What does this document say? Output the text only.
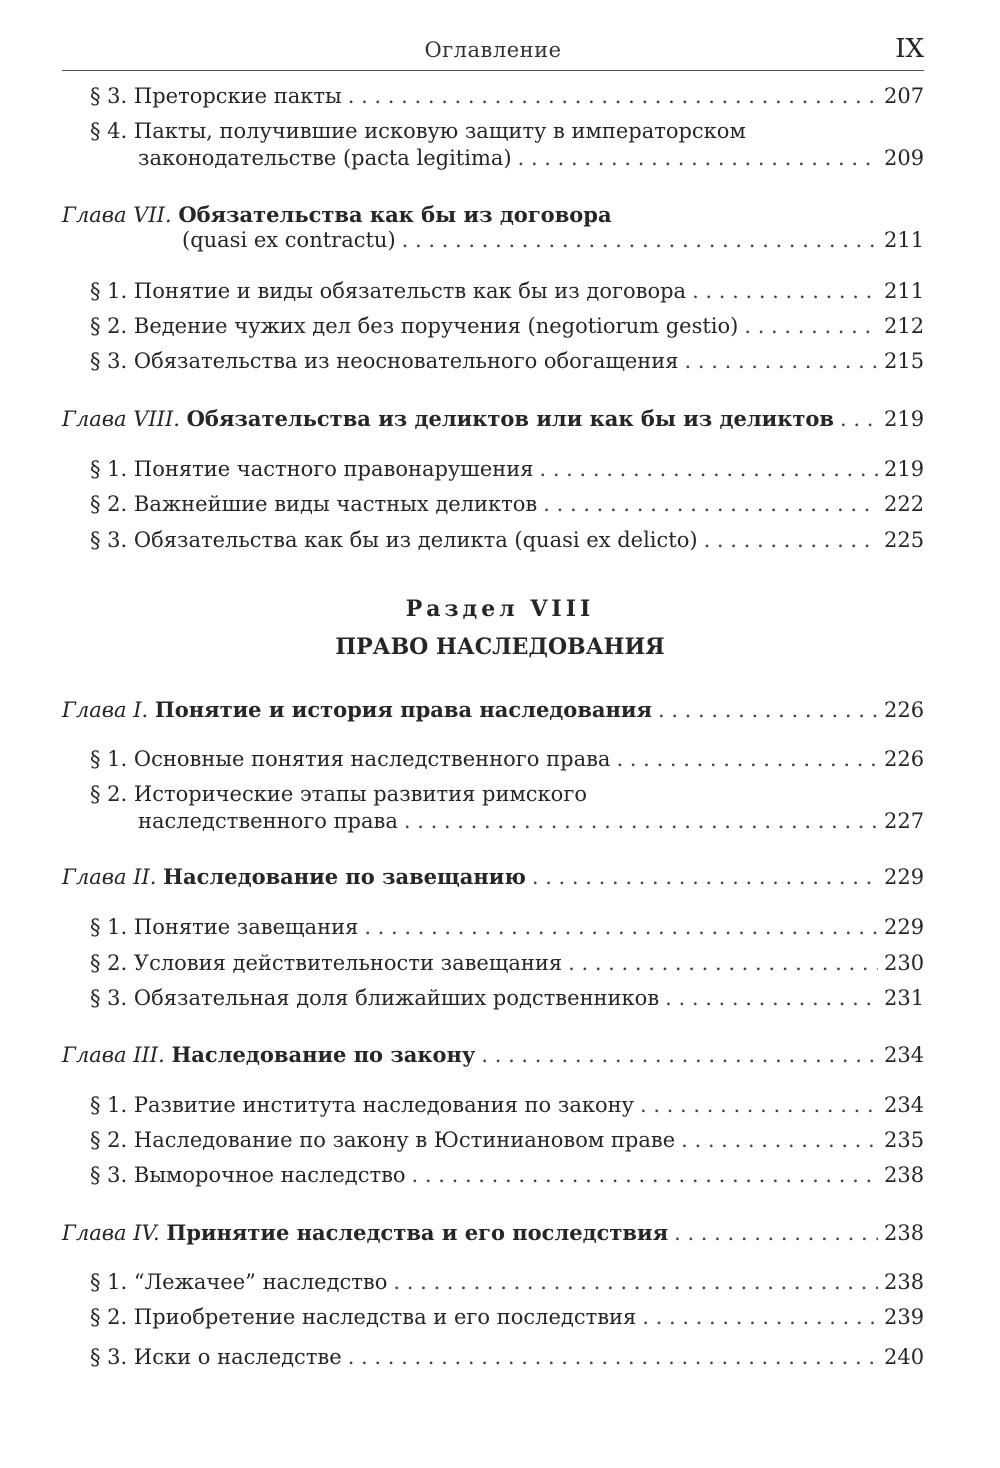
Оглавление	IX
§ 3. Преторские пакты . . .	207
§ 4. Пакты, получившие исковую защиту в императорском
законодательстве (pacta legitima) . . .	209
Глава VII. Обязательства как бы из договора
(quasi ex contractu) . . .	211
§ 1. Понятие и виды обязательств как бы из договора . . .	211
§ 2. Ведение чужих дел без поручения (negotiorum gestio) . . .	212
§ 3. Обязательства из неосновательного обогащения . . .	215
Глава VIII. Обязательства из деликтов или как бы из деликтов . . . 219
§ 1. Понятие частного правонарушения . . .	219
§ 2. Важнейшие виды частных деликтов . . .	222
§ 3. Обязательства как бы из деликта (quasi ex delicto) . . .	225
Раздел VIII
ПРАВО НАСЛЕДОВАНИЯ
Глава I. Понятие и история права наследования . . .	226
§ 1. Основные понятия наследственного права . . .	226
§ 2. Исторические этапы развития римского
наследственного права . . .	227
Глава II. Наследование по завещанию . . .	229
§ 1. Понятие завещания . . .	229
§ 2. Условия действительности завещания . . .	230
§ 3. Обязательная доля ближайших родственников . . .	231
Глава III. Наследование по закону . . .	234
§ 1. Развитие института наследования по закону . . .	234
§ 2. Наследование по закону в Юстиниановом праве . . .	235
§ 3. Выморочное наследство . . .	238
Глава IV. Принятие наследства и его последствия . . .	238
§ 1. “Лежачее” наследство . . .	238
§ 2. Приобретение наследства и его последствия . . .	239
§ 3. Иски о наследстве . . .	240
